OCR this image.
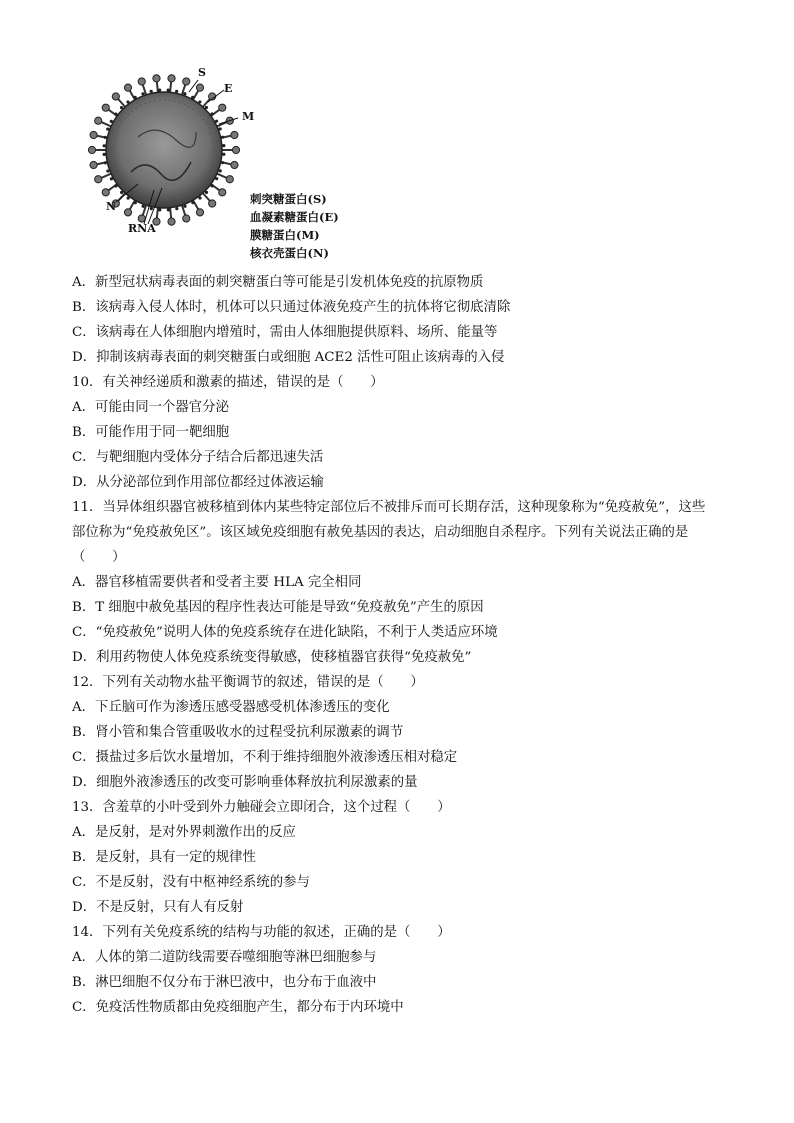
S
E
M
N
RNA
刺突糖蛋白(S)
血凝素糖蛋白(E)
膜糖蛋白(M)
核衣壳蛋白(N)
A．新型冠状病毒表面的刺突糖蛋白等可能是引发机体免疫的抗原物质
B．该病毒入侵人体时，机体可以只通过体液免疫产生的抗体将它彻底清除
C．该病毒在人体细胞内增殖时，需由人体细胞提供原料、场所、能量等
D．抑制该病毒表面的刺突糖蛋白或细胞 ACE2 活性可阻止该病毒的入侵
10．有关神经递质和激素的描述，错误的是（　　）
A．可能由同一个器官分泌
B．可能作用于同一靶细胞
C．与靶细胞内受体分子结合后都迅速失活
D．从分泌部位到作用部位都经过体液运输
11．当异体组织器官被移植到体内某些特定部位后不被排斥而可长期存活，这种现象称为“免疫赦免”，这些
部位称为“免疫赦免区”。该区域免疫细胞有赦免基因的表达，启动细胞自杀程序。下列有关说法正确的是
（　　）
A．器官移植需要供者和受者主要 HLA 完全相同
B．T 细胞中赦免基因的程序性表达可能是导致“免疫赦免”产生的原因
C．“免疫赦免”说明人体的免疫系统存在进化缺陷，不利于人类适应环境
D．利用药物使人体免疫系统变得敏感，使移植器官获得“免疫赦免”
12．下列有关动物水盐平衡调节的叙述，错误的是（　　）
A．下丘脑可作为渗透压感受器感受机体渗透压的变化
B．肾小管和集合管重吸收水的过程受抗利尿激素的调节
C．摄盐过多后饮水量增加，不利于维持细胞外液渗透压相对稳定
D．细胞外液渗透压的改变可影响垂体释放抗利尿激素的量
13．含羞草的小叶受到外力触碰会立即闭合，这个过程（　　）
A．是反射，是对外界刺激作出的反应
B．是反射，具有一定的规律性
C．不是反射，没有中枢神经系统的参与
D．不是反射，只有人有反射
14．下列有关免疫系统的结构与功能的叙述，正确的是（　　）
A．人体的第二道防线需要吞噬细胞等淋巴细胞参与
B．淋巴细胞不仅分布于淋巴液中，也分布于血液中
C．免疫活性物质都由免疫细胞产生，都分布于内环境中
